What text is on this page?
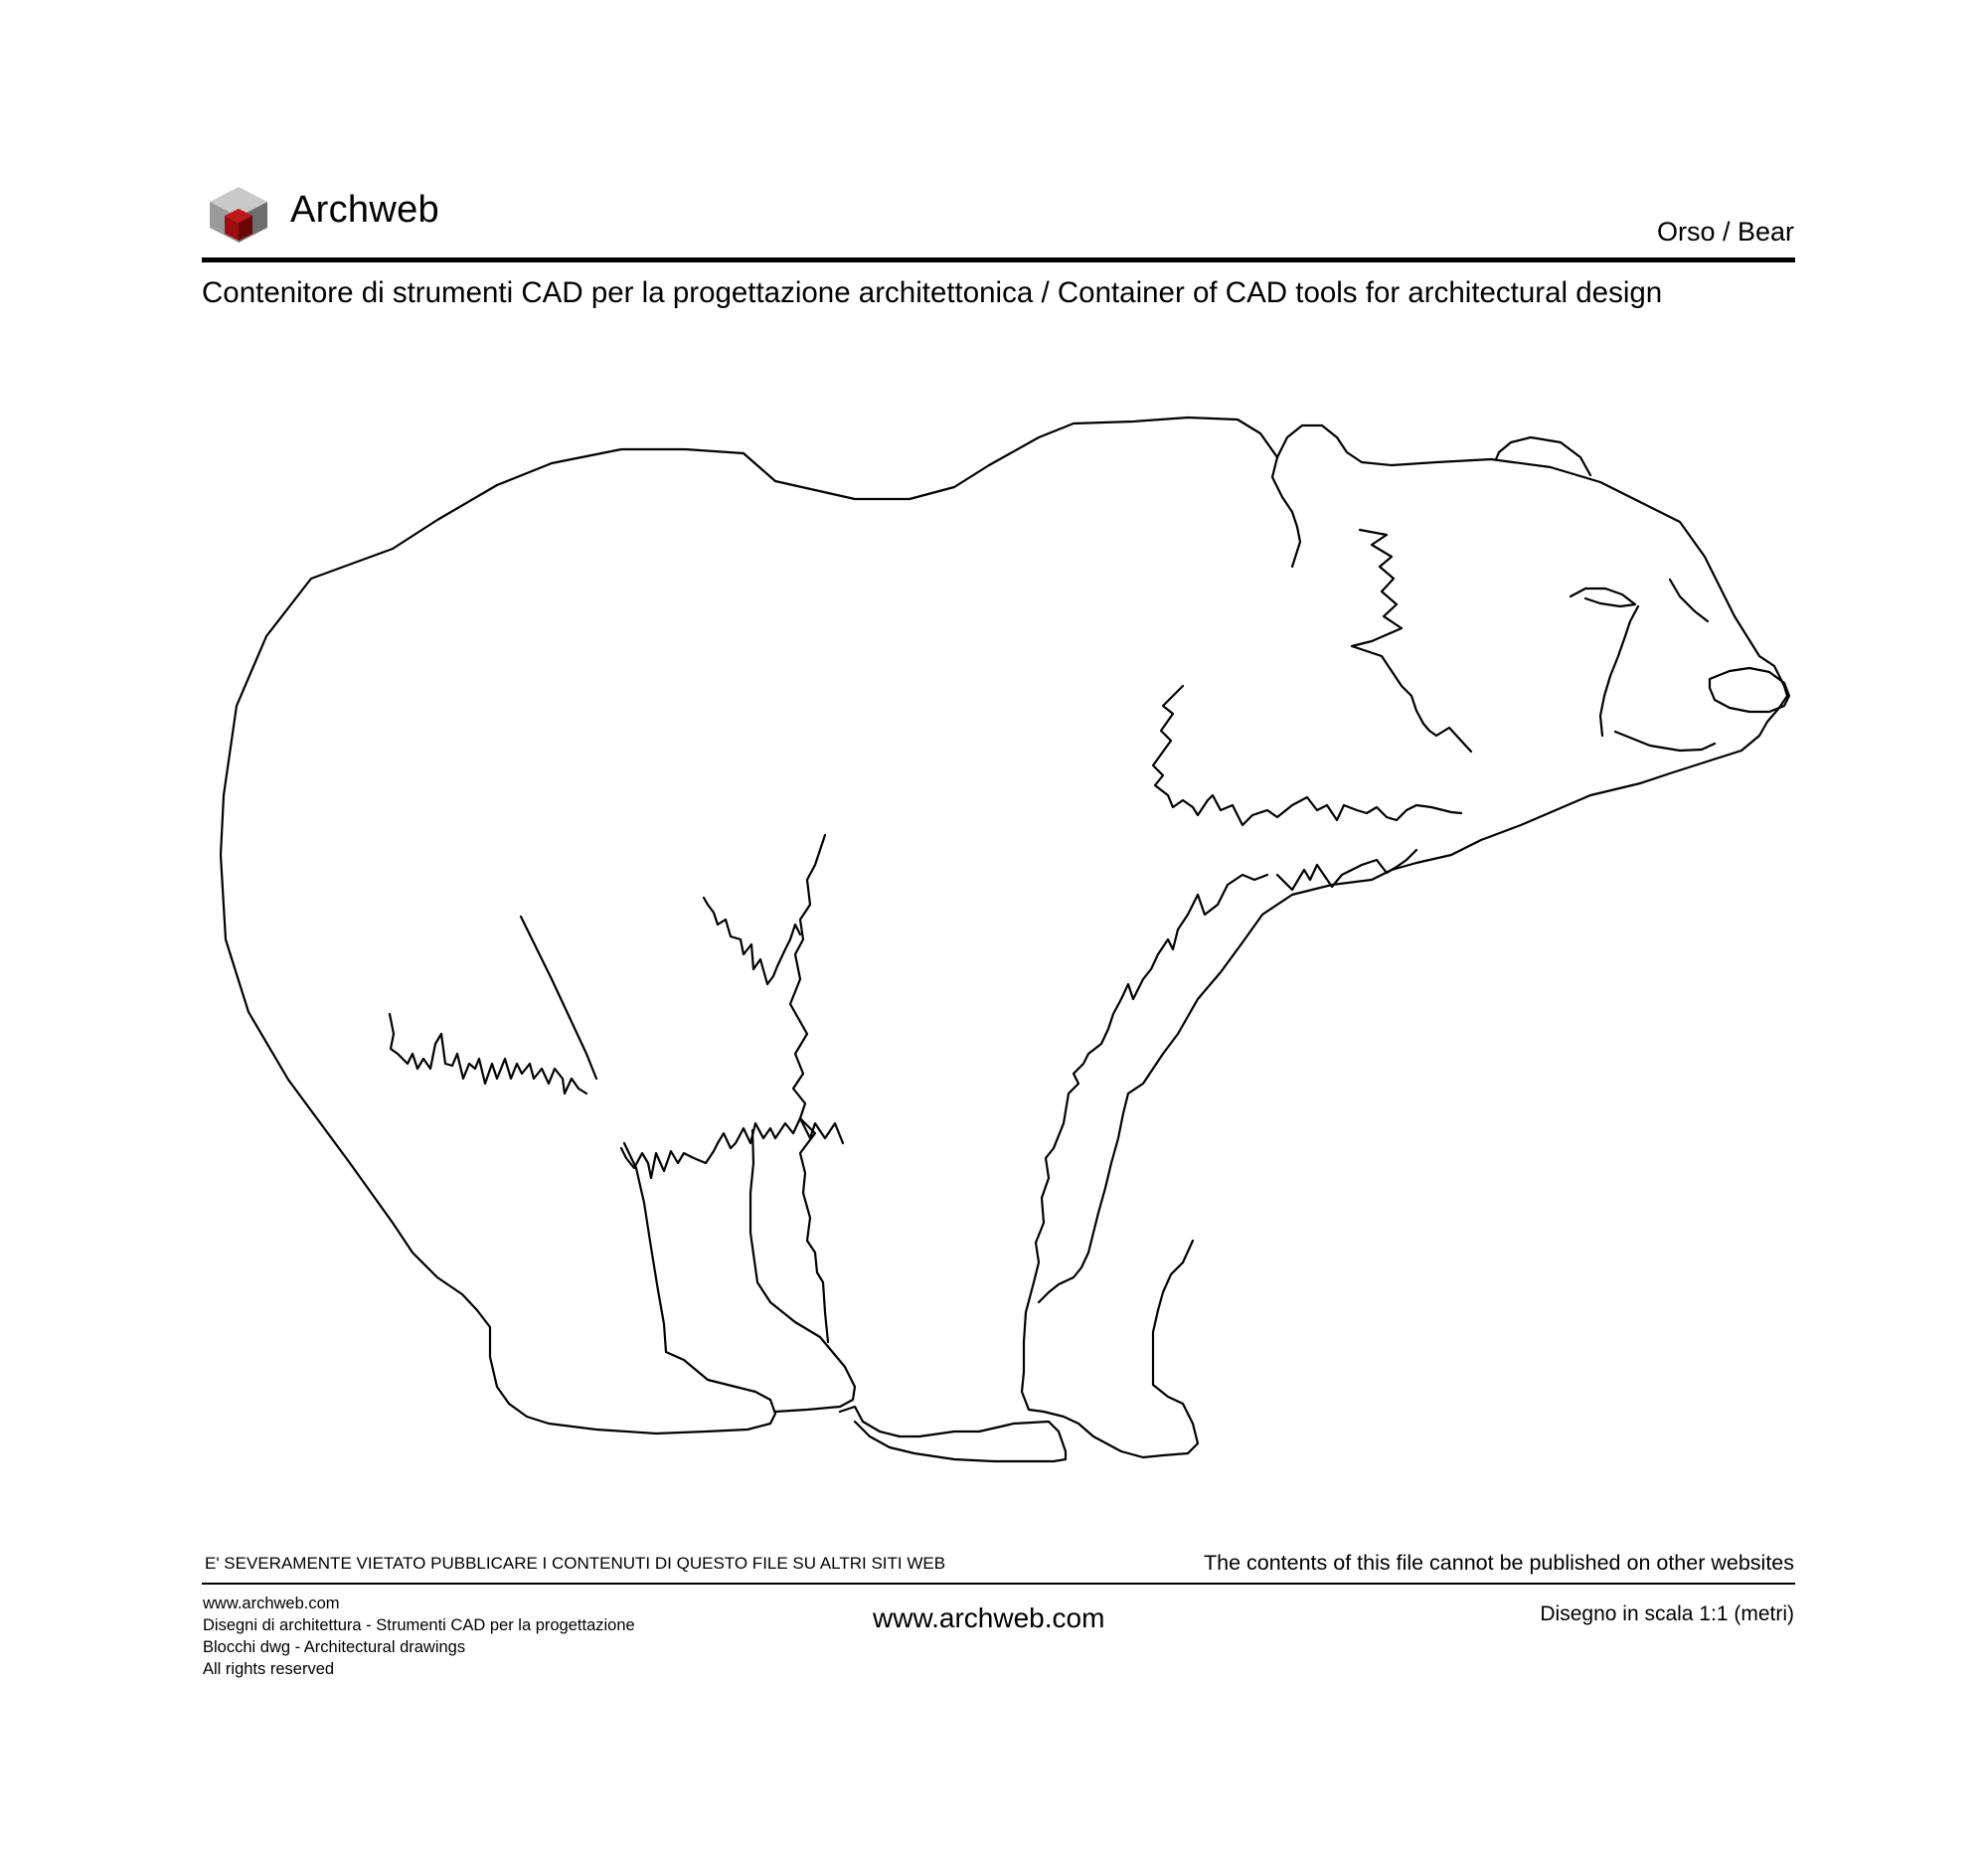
Archweb
Orso / Bear
Contenitore di strumenti CAD per la progettazione architettonica / Container of CAD tools for architectural design
E' SEVERAMENTE VIETATO PUBBLICARE I CONTENUTI DI QUESTO FILE SU ALTRI SITI WEB	The contents of this file cannot be published on other websites
www.archweb.com
Disegni di architettura - Strumenti CAD per la progettazione
Blocchi dwg - Architectural drawings
All rights reserved
www.archweb.com	Disegno in scala 1:1 (metri)
